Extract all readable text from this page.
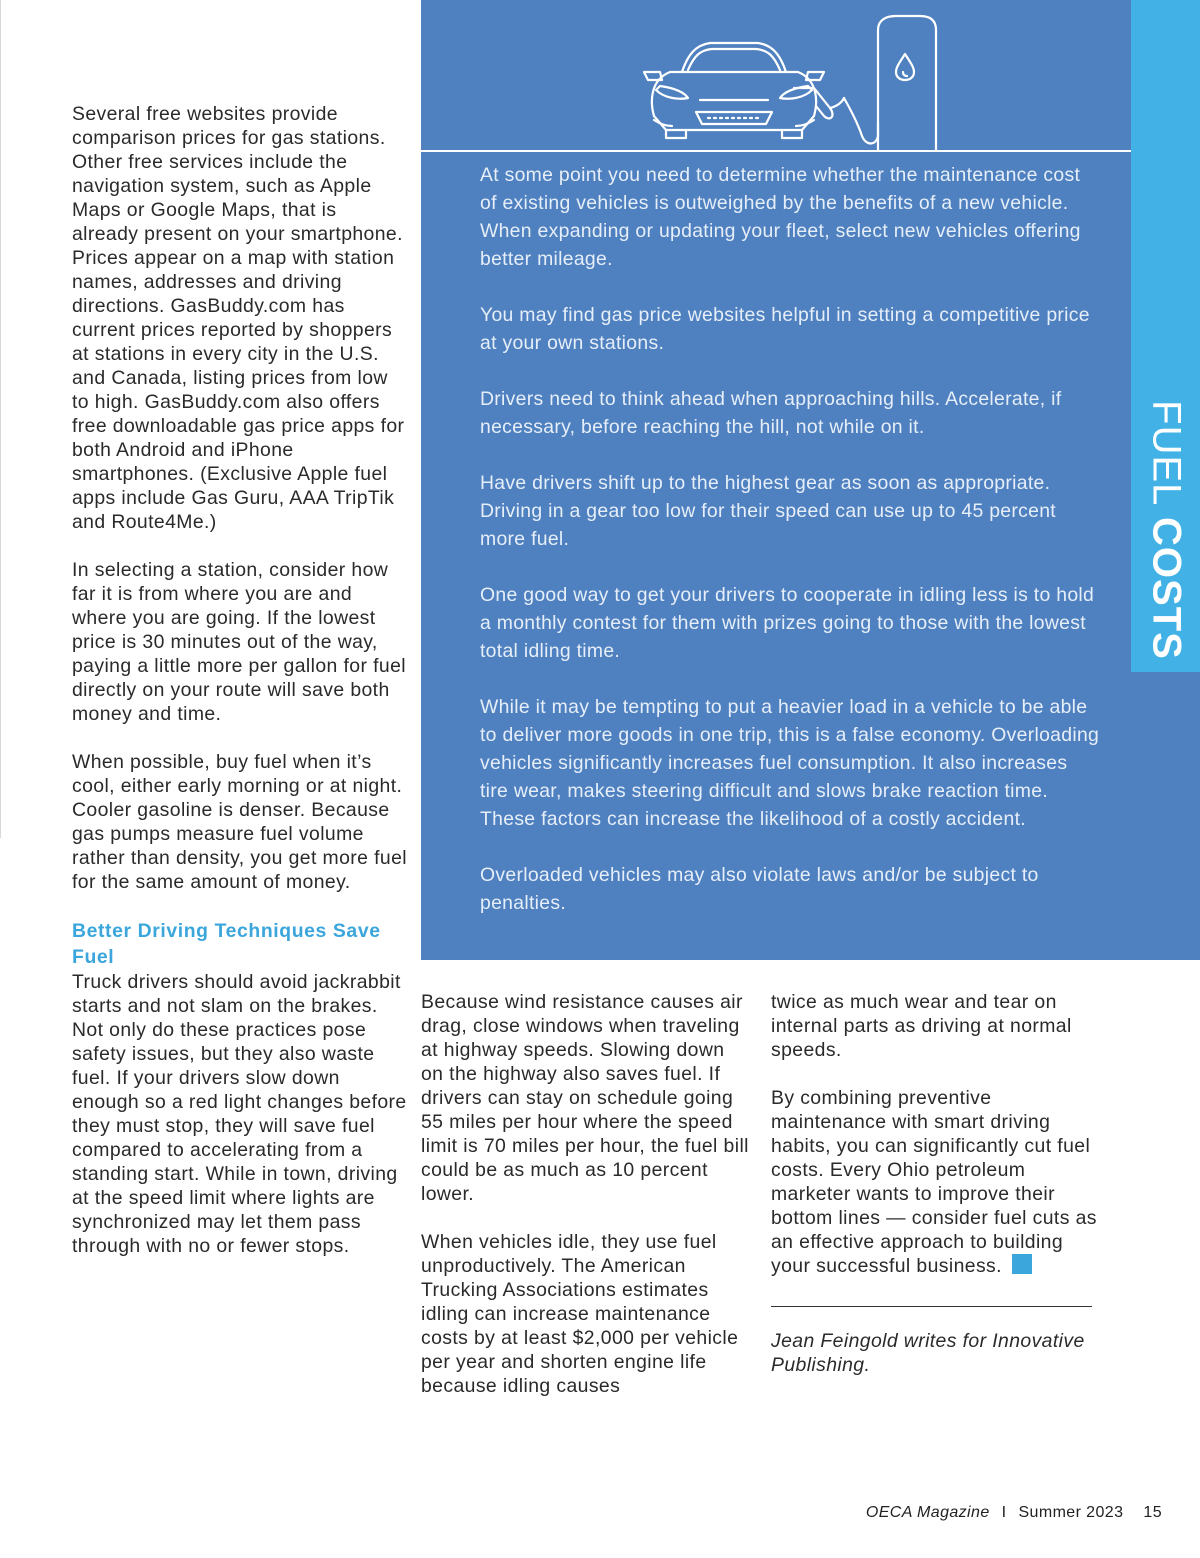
Several free websites provide comparison prices for gas stations. Other free services include the navigation system, such as Apple Maps or Google Maps, that is already present on your smartphone. Prices appear on a map with station names, addresses and driving directions. GasBuddy.com has current prices reported by shoppers at stations in every city in the U.S. and Canada, listing prices from low to high. GasBuddy.com also offers free downloadable gas price apps for both Android and iPhone smartphones. (Exclusive Apple fuel apps include Gas Guru, AAA TripTik and Route4Me.)

In selecting a station, consider how far it is from where you are and where you are going. If the lowest price is 30 minutes out of the way, paying a little more per gallon for fuel directly on your route will save both money and time.

When possible, buy fuel when it’s cool, either early morning or at night. Cooler gasoline is denser. Because gas pumps measure fuel volume rather than density, you get more fuel for the same amount of money.

Better Driving Techniques Save Fuel

Truck drivers should avoid jackrabbit starts and not slam on the brakes. Not only do these practices pose safety issues, but they also waste fuel. If your drivers slow down enough so a red light changes before they must stop, they will save fuel compared to accelerating from a standing start. While in town, driving at the speed limit where lights are synchronized may let them pass through with no or fewer stops.

At some point you need to determine whether the maintenance cost of existing vehicles is outweighed by the benefits of a new vehicle. When expanding or updating your fleet, select new vehicles offering better mileage.

You may find gas price websites helpful in setting a competitive price at your own stations.

Drivers need to think ahead when approaching hills. Accelerate, if necessary, before reaching the hill, not while on it.

Have drivers shift up to the highest gear as soon as appropriate. Driving in a gear too low for their speed can use up to 45 percent more fuel.

One good way to get your drivers to cooperate in idling less is to hold a monthly contest for them with prizes going to those with the lowest total idling time.

While it may be tempting to put a heavier load in a vehicle to be able to deliver more goods in one trip, this is a false economy. Overloading vehicles significantly increases fuel consumption. It also increases tire wear, makes steering difficult and slows brake reaction time. These factors can increase the likelihood of a costly accident.

Overloaded vehicles may also violate laws and/or be subject to penalties.

FUEL COSTS

Because wind resistance causes air drag, close windows when traveling at highway speeds. Slowing down on the highway also saves fuel. If drivers can stay on schedule going 55 miles per hour where the speed limit is 70 miles per hour, the fuel bill could be as much as 10 percent lower.

When vehicles idle, they use fuel unproductively. The American Trucking Associations estimates idling can increase maintenance costs by at least $2,000 per vehicle per year and shorten engine life because idling causes

twice as much wear and tear on internal parts as driving at normal speeds.

By combining preventive maintenance with smart driving habits, you can significantly cut fuel costs. Every Ohio petroleum marketer wants to improve their bottom lines — consider fuel cuts as an effective approach to building your successful business.

Jean Feingold writes for Innovative Publishing.

OECA Magazine I Summer 2023 15
